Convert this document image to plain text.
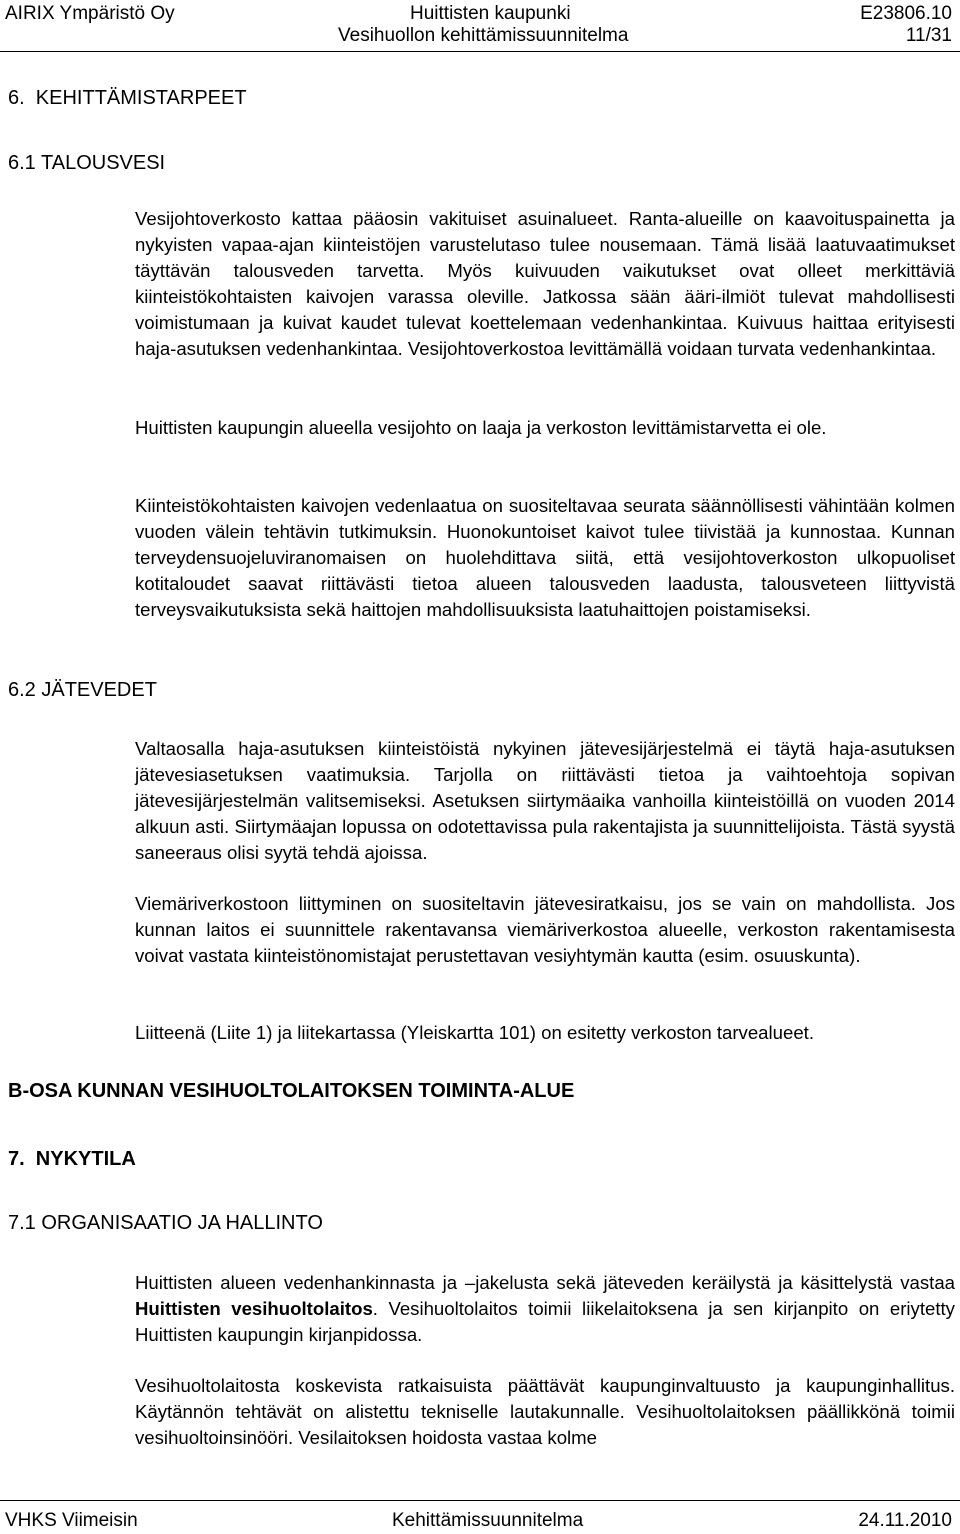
AIRIX Ympäristö Oy	Huittisten kaupunki	E23806.10
Vesihuollon kehittämissuunnitelma	11/31
6.  KEHITTÄMISTARPEET
6.1 TALOUSVESI
Vesijohtoverkosto kattaa pääosin vakituiset asuinalueet. Ranta-alueille on kaavoituspainetta ja nykyisten vapaa-ajan kiinteistöjen varustelutaso tulee nousemaan. Tämä lisää laatuvaatimukset täyttävän talousveden tarvetta. Myös kuivuuden vaikutukset ovat olleet merkittäviä kiinteistökohtaisten kaivojen varassa oleville. Jatkossa sään ääri-ilmiöt tulevat mahdollisesti voimistumaan ja kuivat kaudet tulevat koettelemaan vedenhankintaa. Kuivuus haittaa erityisesti haja-asutuksen vedenhankintaa. Vesijohtoverkostoa levittämällä voidaan turvata vedenhankintaa.
Huittisten kaupungin alueella vesijohto on laaja ja verkoston levittämistarvetta ei ole.
Kiinteistökohtaisten kaivojen vedenlaatua on suositeltavaa seurata säännöllisesti vähintään kolmen vuoden välein tehtävin tutkimuksin. Huonokuntoiset kaivot tulee tiivistää ja kunnostaa. Kunnan terveydensuojeluviranomaisen on huolehdittava siitä, että vesijohtoverkoston ulkopuoliset kotitaloudet saavat riittävästi tietoa alueen talousveden laadusta, talousveteen liittyvistä terveysvaikutuksista sekä haittojen mahdollisuuksista laatuhaittojen poistamiseksi.
6.2 JÄTEVEDET
Valtaosalla haja-asutuksen kiinteistöistä nykyinen jätevesijärjestelmä ei täytä haja-asutuksen jätevesiasetuksen vaatimuksia. Tarjolla on riittävästi tietoa ja vaihtoehtoja sopivan jätevesijärjestelmän valitsemiseksi. Asetuksen siirtymäaika vanhoilla kiinteistöillä on vuoden 2014 alkuun asti. Siirtymäajan lopussa on odotettavissa pula rakentajista ja suunnittelijoista. Tästä syystä saneeraus olisi syytä tehdä ajoissa.
Viemäriverkostoon liittyminen on suositeltavin jätevesiratkaisu, jos se vain on mahdollista. Jos kunnan laitos ei suunnittele rakentavansa viemäriverkostoa alueelle, verkoston rakentamisesta voivat vastata kiinteistönomistajat perustettavan vesiyhtymän kautta (esim. osuuskunta).
Liitteenä (Liite 1) ja liitekartassa (Yleiskartta 101) on esitetty verkoston tarvealueet.
B-OSA KUNNAN VESIHUOLTOLAITOKSEN TOIMINTA-ALUE
7.  NYKYTILA
7.1 ORGANISAATIO JA HALLINTO
Huittisten alueen vedenhankinnasta ja –jakelusta sekä jäteveden keräilystä ja käsittelystä vastaa Huittisten vesihuoltolaitos. Vesihuoltolaitos toimii liikelaitoksena ja sen kirjanpito on eriytetty Huittisten kaupungin kirjanpidossa.
Vesihuoltolaitosta koskevista ratkaisuista päättävät kaupunginvaltuusto ja kaupunginhallitus. Käytännön tehtävät on alistettu tekniselle lautakunnalle. Vesihuoltolaitoksen päällikkönä toimii vesihuoltoinsinööri. Vesilaitoksen hoidosta vastaa kolme
VHKS Viimeisin	Kehittämissuunnitelma	24.11.2010
